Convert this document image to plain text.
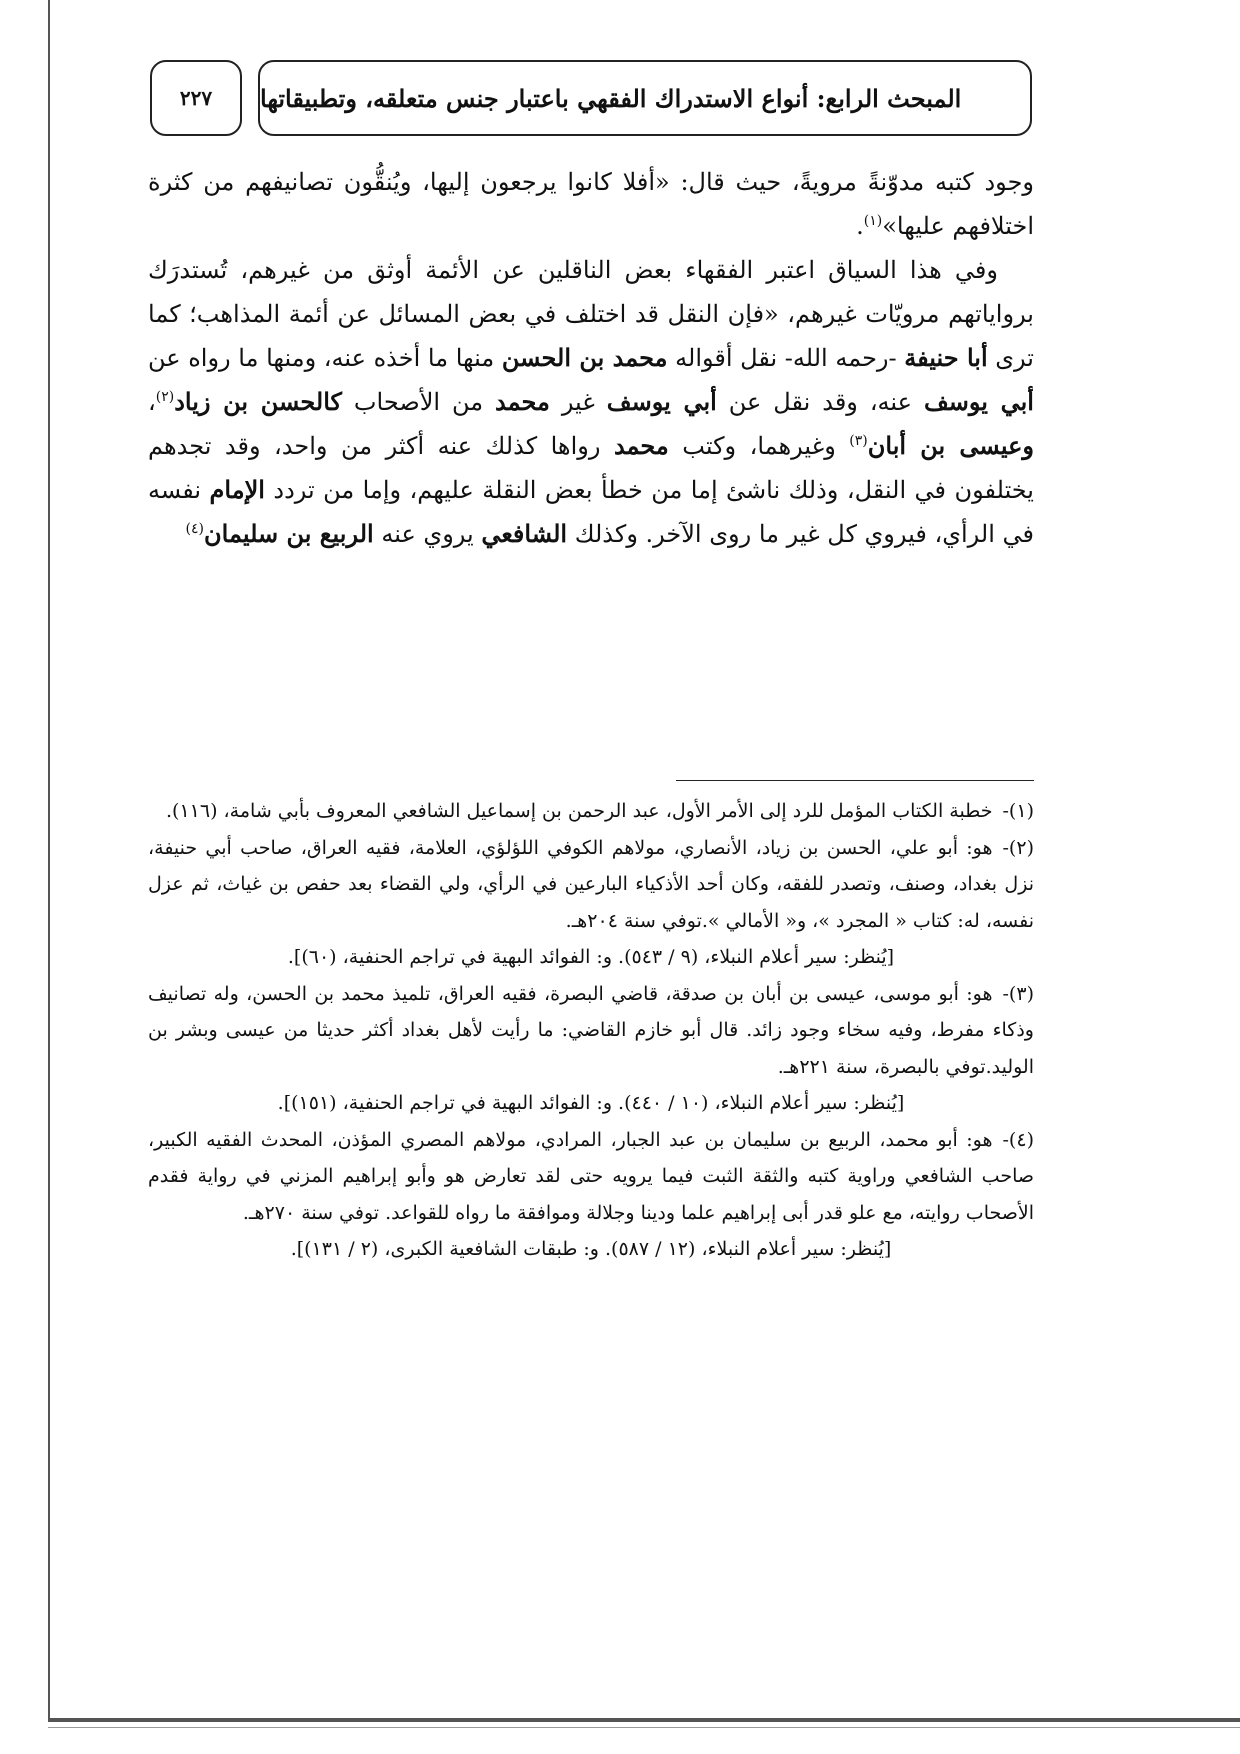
المبحث الرابع: أنواع الاستدراك الفقهي باعتبار جنس متعلقه، وتطبيقاتها
٢٢٧

وجود كتبه مدوّنةً مرويةً، حيث قال: «أفلا كانوا يرجعون إليها، ويُنقُّون تصانيفهم من كثرة اختلافهم عليها»$^{(١)}$.

وفي هذا السياق اعتبر الفقهاء بعض الناقلين عن الأئمة أوثق من غيرهم، تُستدرَك برواياتهم مرويّات غيرهم، «فإن النقل قد اختلف في بعض المسائل عن أئمة المذاهب؛ كما ترى أبا حنيفة -رحمه الله- نقل أقواله محمد بن الحسن منها ما أخذه عنه، ومنها ما رواه عن أبي يوسف عنه، وقد نقل عن أبي يوسف غير محمد من الأصحاب كالحسن بن زياد$^{(٢)}$، وعيسى بن أبان$^{(٣)}$ وغيرهما، وكتب محمد رواها كذلك عنه أكثر من واحد، وقد تجدهم يختلفون في النقل، وذلك ناشئ إما من خطأ بعض النقلة عليهم، وإما من تردد الإمام نفسه في الرأي، فيروي كل غير ما روى الآخر. وكذلك الشافعي يروي عنه الربيع بن سليمان$^{(٤)}$

(١)-خطبة الكتاب المؤمل للرد إلى الأمر الأول، عبد الرحمن بن إسماعيل الشافعي المعروف بأبي شامة، (١١٦).

(٢)-هو: أبو علي، الحسن بن زياد، الأنصاري، مولاهم الكوفي اللؤلؤي، العلامة، فقيه العراق، صاحب أبي حنيفة، نزل بغداد، وصنف، وتصدر للفقه، وكان أحد الأذكياء البارعين في الرأي، ولي القضاء بعد حفص بن غياث، ثم عزل نفسه، له: كتاب « المجرد »، و« الأمالي ».توفي سنة ٢٠٤هـ.

[يُنظر: سير أعلام النبلاء، (٩ / ٥٤٣). و: الفوائد البهية في تراجم الحنفية، (٦٠)].

(٣)-هو: أبو موسى، عيسى بن أبان بن صدقة، قاضي البصرة، فقيه العراق، تلميذ محمد بن الحسن، وله تصانيف وذكاء مفرط، وفيه سخاء وجود زائد. قال أبو خازم القاضي: ما رأيت لأهل بغداد أكثر حديثا من عيسى وبشر بن الوليد.توفي بالبصرة، سنة ٢٢١هـ.

[يُنظر: سير أعلام النبلاء، (١٠ / ٤٤٠). و: الفوائد البهية في تراجم الحنفية، (١٥١)].

(٤)-هو: أبو محمد، الربيع بن سليمان بن عبد الجبار، المرادي، مولاهم المصري المؤذن، المحدث الفقيه الكبير، صاحب الشافعي وراوية كتبه والثقة الثبت فيما يرويه حتى لقد تعارض هو وأبو إبراهيم المزني في رواية فقدم الأصحاب روايته، مع علو قدر أبى إبراهيم علما ودينا وجلالة وموافقة ما رواه للقواعد. توفي سنة ٢٧٠هـ.

[يُنظر: سير أعلام النبلاء، (١٢ / ٥٨٧). و: طبقات الشافعية الكبرى، (٢ / ١٣١)].
